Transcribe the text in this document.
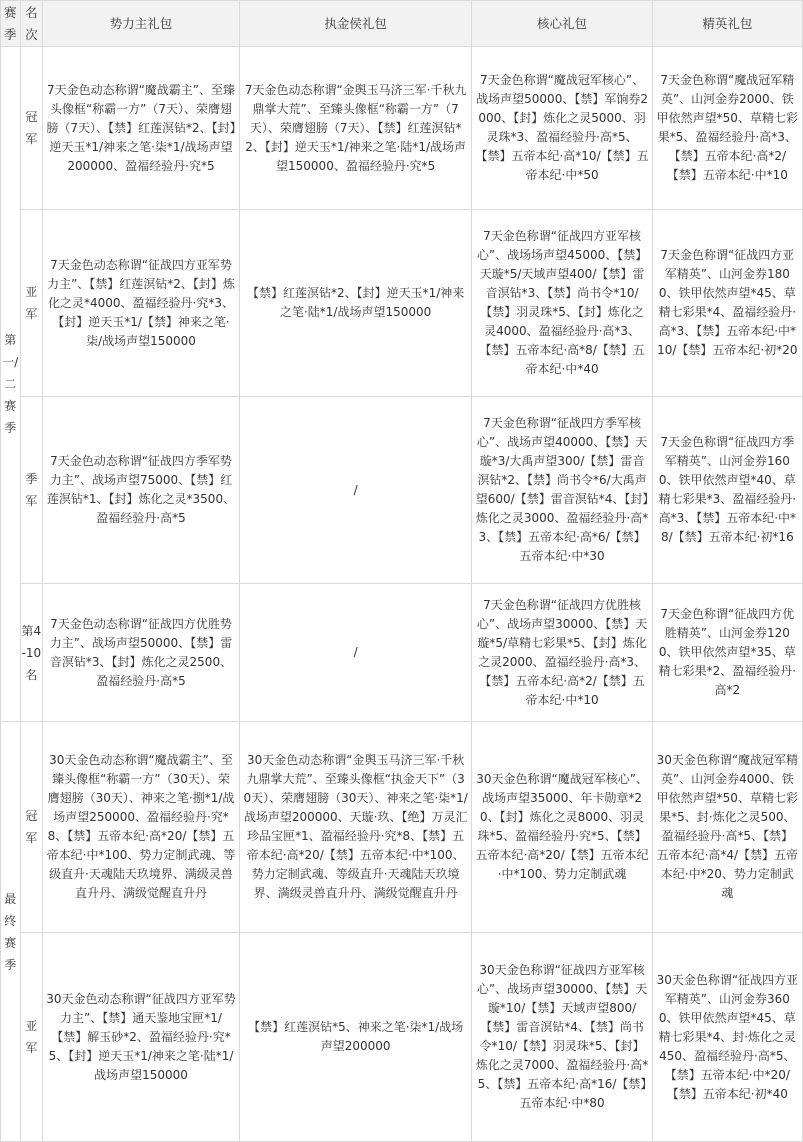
赛季	名次	势力主礼包	执金侯礼包	核心礼包	精英礼包
第一/二赛季	冠军	7天金色动态称谓“魔战霸主”、至臻头像框“称霸一方”（7天）、荣膺翅膀（7天）、【禁】红莲溟钻*2、【封】逆天玉*1/神来之笔·柒*1/战场声望200000、盈福经验丹·究*5	7天金色动态称谓“金舆玉马济三军·千秋九鼎掌大荒”、至臻头像框“称霸一方”（7天）、荣膺翅膀（7天）、【禁】红莲溟钻*2、【封】逆天玉*1/神来之笔·陆*1/战场声望150000、盈福经验丹·究*5	7天金色称谓“魔战冠军核心”、战场声望50000、【禁】军饷券2000、【封】炼化之灵5000、羽灵珠*3、盈福经验丹·高*5、【禁】五帝本纪·高*10/【禁】五帝本纪·中*50	7天金色称谓“魔战冠军精英”、山河金券2000、铁甲依然声望*50、草精七彩果*5、盈福经验丹·高*3、【禁】五帝本纪·高*2/【禁】五帝本纪·中*10
	亚军	7天金色动态称谓“征战四方亚军势力主”、【禁】红莲溟钻*2、【封】炼化之灵*4000、盈福经验丹·究*3、【封】逆天玉*1/【禁】神来之笔·柒/战场声望150000	【禁】红莲溟钻*2、【封】逆天玉*1/神来之笔·陆*1/战场声望150000	7天金色称谓“征战四方亚军核心”、战场场声望45000、【禁】天璇*5/天域声望400/【禁】雷音溟钻*3、【禁】尚书令*10/【禁】羽灵珠*5、【封】炼化之灵4000、盈福经验丹·高*3、【禁】五帝本纪·高*8/【禁】五帝本纪·中*40	7天金色称谓“征战四方亚军精英”、山河金券1800、铁甲依然声望*45、草精七彩果*4、盈福经验丹·高*3、【禁】五帝本纪·中*10/【禁】五帝本纪·初*20
	季军	7天金色动态称谓“征战四方季军势力主”、战场声望75000、【禁】红莲溟钻*1、【封】炼化之灵*3500、盈福经验丹·高*5	/	7天金色称谓“征战四方季军核心”、战场声望40000、【禁】天璇*3/大禹声望300/【禁】雷音溟钻*2、【禁】尚书令*6/大禹声望600/【禁】雷音溟钻*4、【封】炼化之灵3000、盈福经验丹·高*3、【禁】五帝本纪·高*6/【禁】五帝本纪·中*30	7天金色称谓“征战四方季军精英”、山河金券1600、铁甲依然声望*40、草精七彩果*3、盈福经验丹·高*3、【禁】五帝本纪·中*8/【禁】五帝本纪·初*16
	第4-10名	7天金色动态称谓“征战四方优胜势力主”、战场声望50000、【禁】雷音溟钻*3、【封】炼化之灵2500、盈福经验丹·高*5	/	7天金色称谓“征战四方优胜核心”、战场声望30000、【禁】天璇*5/草精七彩果*5、【封】炼化之灵2000、盈福经验丹·高*3、【禁】五帝本纪·高*2/【禁】五帝本纪·中*10	7天金色称谓“征战四方优胜精英”、山河金券1200、铁甲依然声望*35、草精七彩果*2、盈福经验丹·高*2
最终赛季	冠军	30天金色动态称谓“魔战霸主”、至臻头像框“称霸一方”（30天）、荣膺翅膀（30天）、神来之笔·捌*1/战场声望250000、盈福经验丹·究*8、【禁】五帝本纪·高*20/【禁】五帝本纪·中*100、势力定制武魂、等级直升·天魂陆天玖境界、满级灵兽直升丹、满级觉醒直升丹	30天金色动态称谓“金舆玉马济三军·千秋九鼎掌大荒”、至臻头像框“执金天下”（30天）、荣膺翅膀（30天）、神来之笔·柒*1/战场声望200000、天璇·玖、【绝】万灵汇珍品宝匣*1、盈福经验丹·究*8、【禁】五帝本纪·高*20/【禁】五帝本纪·中*100、势力定制武魂、等级直升·天魂陆天玖境界、满级灵兽直升丹、满级觉醒直升丹	30天金色称谓“魔战冠军核心”、战场声望35000、年卡勋章*20、【封】炼化之灵8000、羽灵珠*5、盈福经验丹·究*5、【禁】五帝本纪·高*20/【禁】五帝本纪·中*100、势力定制武魂	30天金色称谓“魔战冠军精英”、山河金券4000、铁甲依然声望*50、草精七彩果*5、封·炼化之灵500、盈福经验丹·高*5、【禁】五帝本纪·高*4/【禁】五帝本纪·中*20、势力定制武魂
	亚军	30天金色动态称谓“征战四方亚军势力主”、【禁】通天鉴地宝匣*1/【禁】解玉砂*2、盈福经验丹·究*5、【封】逆天玉*1/神来之笔·陆*1/战场声望150000	【禁】红莲溟钻*5、神来之笔·柒*1/战场声望200000	30天金色称谓“征战四方亚军核心”、战场声望30000、【禁】天璇*10/【禁】天域声望800/【禁】雷音溟钻*4、【禁】尚书令*10/【禁】羽灵珠*5、【封】炼化之灵7000、盈福经验丹·高*5、【禁】五帝本纪·高*16/【禁】五帝本纪·中*80	30天金色称谓“征战四方亚军精英”、山河金券3600、铁甲依然声望*45、草精七彩果*4、封·炼化之灵450、盈福经验丹·高*5、【禁】五帝本纪·中*20/【禁】五帝本纪·初*40
